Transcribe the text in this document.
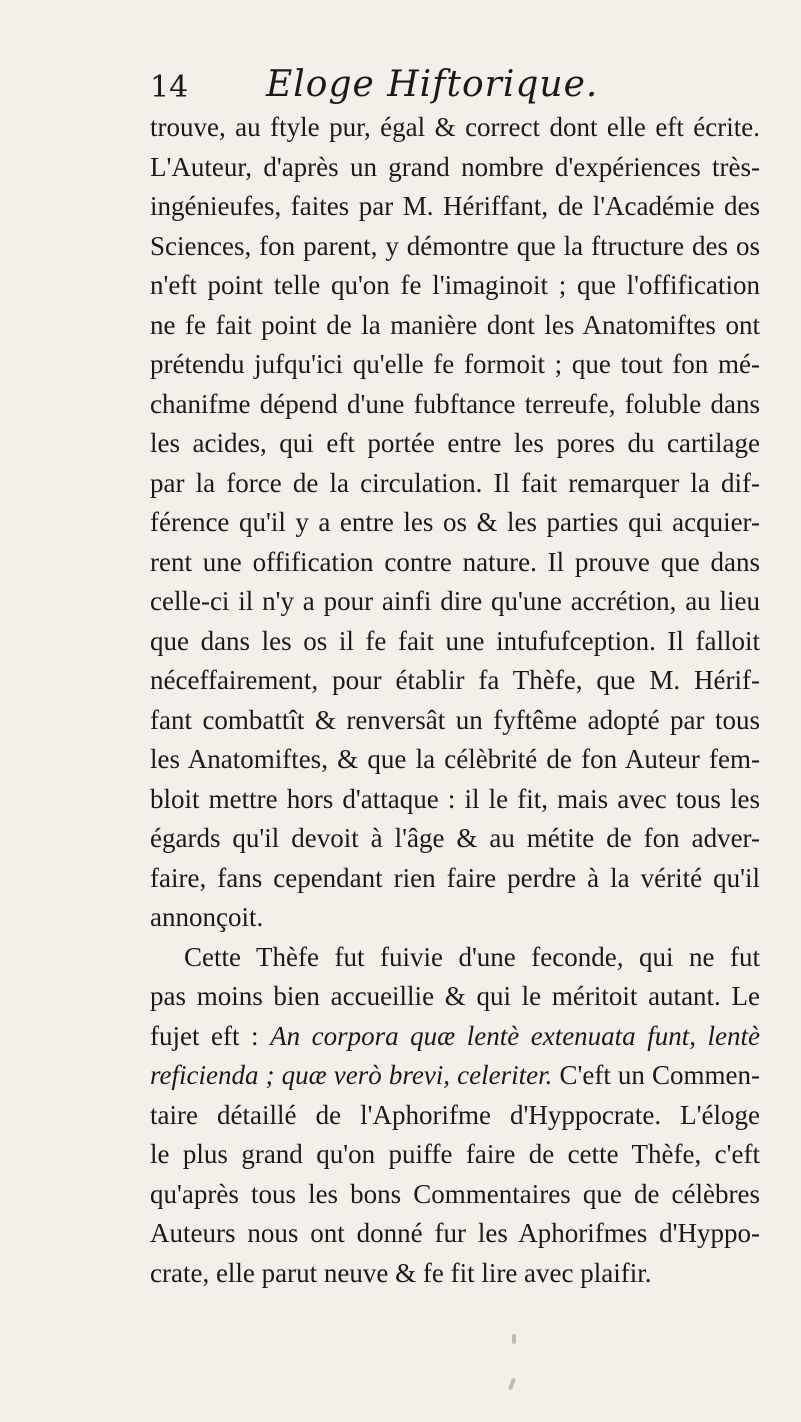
14 Eloge Hiftorique.

trouve, au ftyle pur, égal & correct dont elle eft écrite.
L'Auteur, d'après un grand nombre d'expériences très-
ingénieufes, faites par M. Hériffant, de l'Académie des
Sciences, fon parent, y démontre que la ftructure des os
n'eft point telle qu'on fe l'imaginoit ; que l'offification
ne fe fait point de la manière dont les Anatomiftes ont
prétendu jufqu'ici qu'elle fe formoit ; que tout fon mé-
chanifme dépend d'une fubftance terreufe, foluble dans
les acides, qui eft portée entre les pores du cartilage
par la force de la circulation. Il fait remarquer la dif-
férence qu'il y a entre les os & les parties qui acquier-
rent une offification contre nature. Il prouve que dans
celle-ci il n'y a pour ainfi dire qu'une accrétion, au lieu
que dans les os il fe fait une intufufception. Il falloit
néceffairement, pour établir fa Thèfe, que M. Hérif-
fant combattît & renversât un fyftême adopté par tous
les Anatomiftes, & que la célèbrité de fon Auteur fem-
bloit mettre hors d'attaque : il le fit, mais avec tous les
égards qu'il devoit à l'âge & au métite de fon adver-
faire, fans cependant rien faire perdre à la vérité qu'il
annonçoit.

Cette Thèfe fut fuivie d'une feconde, qui ne fut
pas moins bien accueillie & qui le méritoit autant. Le
fujet eft : An corpora quæ lentè extenuata funt, lentè
reficienda ; quæ verò brevi, celeriter. C'eft un Commen-
taire détaillé de l'Aphorifme d'Hyppocrate. L'éloge
le plus grand qu'on puiffe faire de cette Thèfe, c'eft
qu'après tous les bons Commentaires que de célèbres
Auteurs nous ont donné fur les Aphorifmes d'Hyppo-
crate, elle parut neuve & fe fit lire avec plaifir.
